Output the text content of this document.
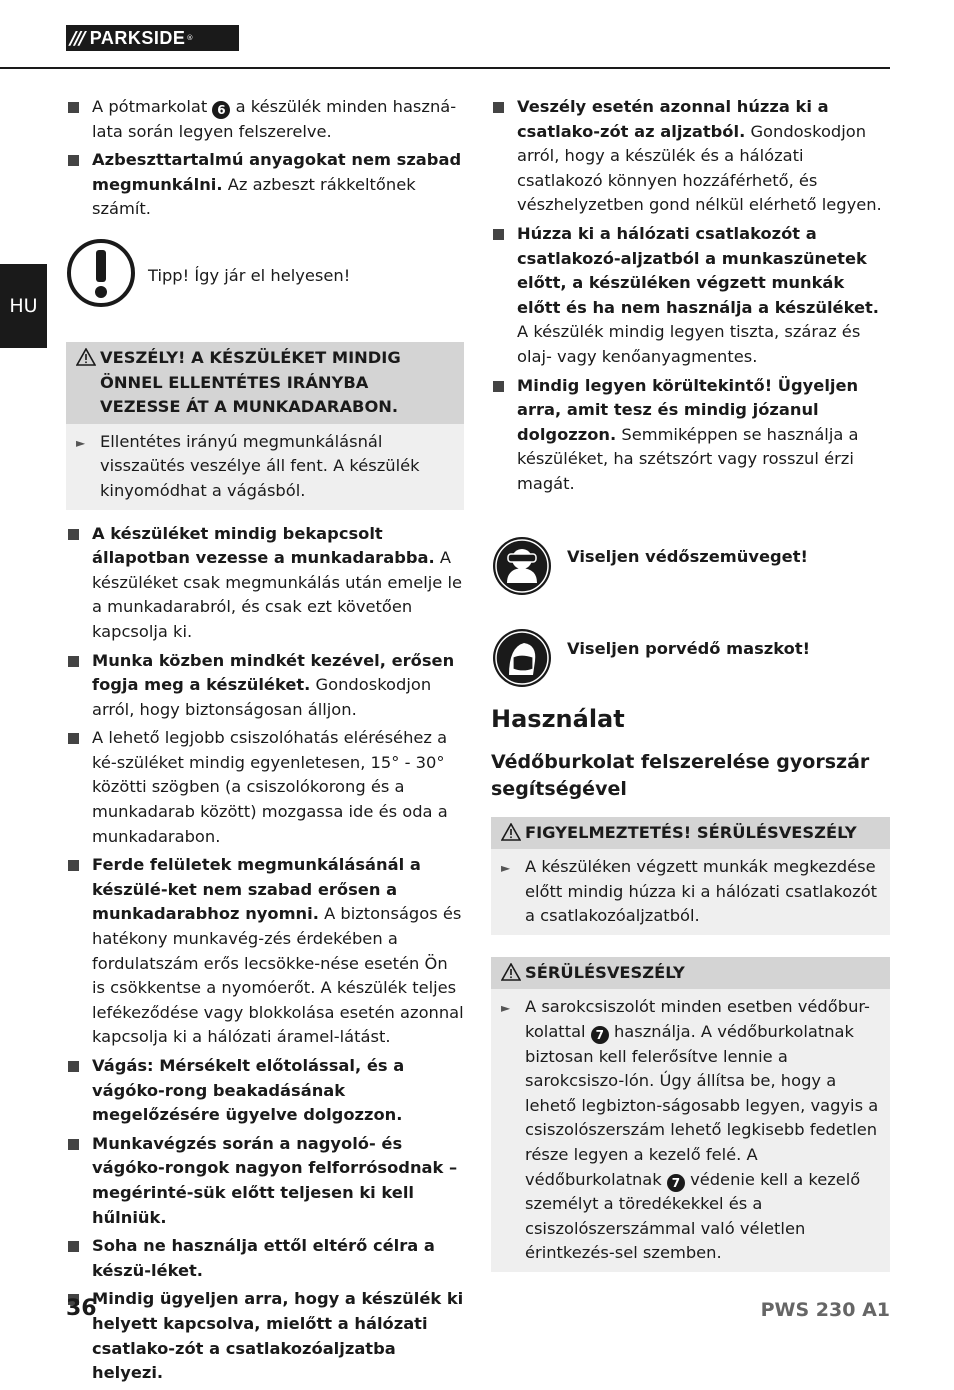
/// PARKSIDE ®
HU
A pótmarkolat 6 a készülék minden haszná-lata során legyen felszerelve.
Azbeszttartalmú anyagokat nem szabad megmunkálni. Az azbeszt rákkeltőnek számít.
Tipp! Így jár el helyesen!
VESZÉLY! A KÉSZÜLÉKET MINDIG ÖNNEL ELLENTÉTES IRÁNYBA VEZESSE ÁT A MUNKADARABON.
► Ellentétes irányú megmunkálásnál visszaütés veszélye áll fent. A készülék kinyomódhat a vágásból.
A készüléket mindig bekapcsolt állapotban vezesse a munkadarabba. A készüléket csak megmunkálás után emelje le a munkadarabról, és csak ezt követően kapcsolja ki.
Munka közben mindkét kezével, erősen fogja meg a készüléket. Gondoskodjon arról, hogy biztonságosan álljon.
A lehető legjobb csiszolóhatás eléréséhez a ké-szüléket mindig egyenletesen, 15° - 30° közötti szögben (a csiszolókorong és a munkadarab között) mozgassa ide és oda a munkadarabon.
Ferde felületek megmunkálásánál a készülé-ket nem szabad erősen a munkadarabhoz nyomni. A biztonságos és hatékony munkavég-zés érdekében a fordulatszám erős lecsökke-nése esetén Ön is csökkentse a nyomóerőt. A készülék teljes lefékeződése vagy blokkolása esetén azonnal kapcsolja ki a hálózati áramel-látást.
Vágás: Mérsékelt előtolással, és a vágóko-rong beakadásának megelőzésére ügyelve dolgozzon.
Munkavégzés során a nagyoló- és vágóko-rongok nagyon felforrósodnak – megérinté-sük előtt teljesen ki kell hűlniük.
Soha ne használja ettől eltérő célra a készü-léket.
Mindig ügyeljen arra, hogy a készülék ki helyett kapcsolva, mielőtt a hálózati csatlako-zót a csatlakozóaljzatba helyezi.
Veszély esetén azonnal húzza ki a csatlako-zót az aljzatból. Gondoskodjon arról, hogy a készülék és a hálózati csatlakozó könnyen hozzáférhető, és vészhelyzetben gond nélkül elérhető legyen.
Húzza ki a hálózati csatlakozót a csatlakozó-aljzatból a munkaszünetek előtt, a készüléken végzett munkák előtt és ha nem használja a készüléket. A készülék mindig legyen tiszta, száraz és olaj- vagy kenőanyagmentes.
Mindig legyen körültekintő! Ügyeljen arra, amit tesz és mindig józanul dolgozzon. Semmiképpen se használja a készüléket, ha szétszórt vagy rosszul érzi magát.
Viseljen védőszemüveget!
Viseljen porvédő maszkot!
Használat
Védőburkolat felszerelése gyorszár segítségével
FIGYELMEZTETÉS! SÉRÜLÉSVESZÉLY
► A készüléken végzett munkák megkezdése előtt mindig húzza ki a hálózati csatlakozót a csatlakozóaljzatból.
SÉRÜLÉSVESZÉLY
► A sarokcsiszolót minden esetben védőbur-kolattal 7 használja. A védőburkolatnak biztosan kell felerősítve lennie a sarokcsiszo-lón. Úgy állítsa be, hogy a lehető legbizton-ságosabb legyen, vagyis a csiszolószerszám lehető legkisebb fedetlen része legyen a kezelő felé. A védőburkolatnak 7 védenie kell a kezelő személyt a töredékekkel és a csiszolószerszámmal való véletlen érintkezés-sel szemben.
36	PWS 230 A1
